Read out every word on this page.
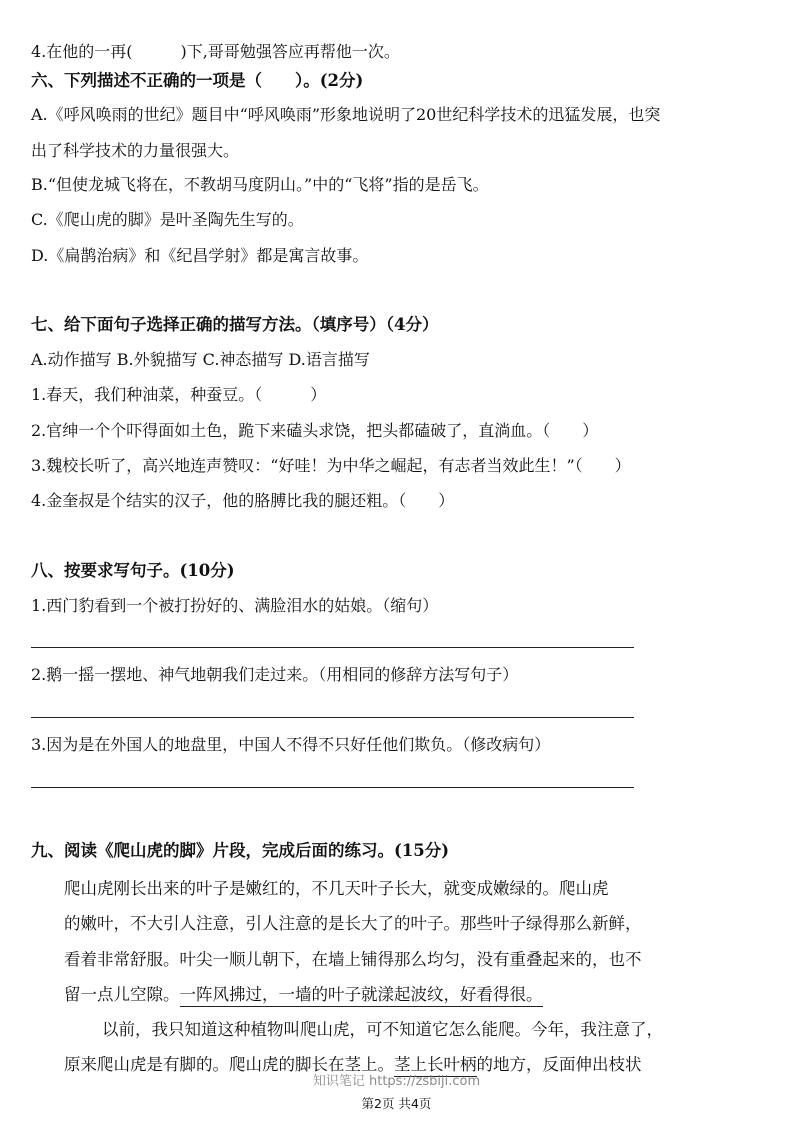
4.在他的一再(　　　)下,哥哥勉强答应再帮他一次。
六、下列描述不正确的一项是（　　）。(2分)
A.《呼风唤雨的世纪》题目中“呼风唤雨”形象地说明了20世纪科学技术的迅猛发展，也突
出了科学技术的力量很强大。
B.“但使龙城飞将在，不教胡马度阴山。”中的“飞将”指的是岳飞。
C.《爬山虎的脚》是叶圣陶先生写的。
D.《扁鹊治病》和《纪昌学射》都是寓言故事。
七、给下面句子选择正确的描写方法。（填序号）（4分）
A.动作描写 B.外貌描写 C.神态描写 D.语言描写
1.春天，我们种油菜，种蚕豆。（　　　）
2.官绅一个个吓得面如土色，跪下来磕头求饶，把头都磕破了，直淌血。（　　）
3.魏校长听了，高兴地连声赞叹：“好哇！为中华之崛起，有志者当效此生！”（　　）
4.金奎叔是个结实的汉子，他的胳膊比我的腿还粗。（　　）
八、按要求写句子。(10分)
1.西门豹看到一个被打扮好的、满脸泪水的姑娘。（缩句）
2.鹅一摇一摆地、神气地朝我们走过来。（用相同的修辞方法写句子）
3.因为是在外国人的地盘里，中国人不得不只好任他们欺负。（修改病句）
九、阅读《爬山虎的脚》片段，完成后面的练习。(15分)
爬山虎刚长出来的叶子是嫩红的，不几天叶子长大，就变成嫩绿的。爬山虎
的嫩叶，不大引人注意，引人注意的是长大了的叶子。那些叶子绿得那么新鲜，
看着非常舒服。叶尖一顺儿朝下，在墙上铺得那么均匀，没有重叠起来的，也不
留一点儿空隙。一阵风拂过，一墙的叶子就漾起波纹，好看得很。
以前，我只知道这种植物叫爬山虎，可不知道它怎么能爬。今年，我注意了，
原来爬山虎是有脚的。爬山虎的脚长在茎上。茎上长叶柄的地方，反面伸出枝状
知识笔记 https://zsbiji.com
第2页 共4页
